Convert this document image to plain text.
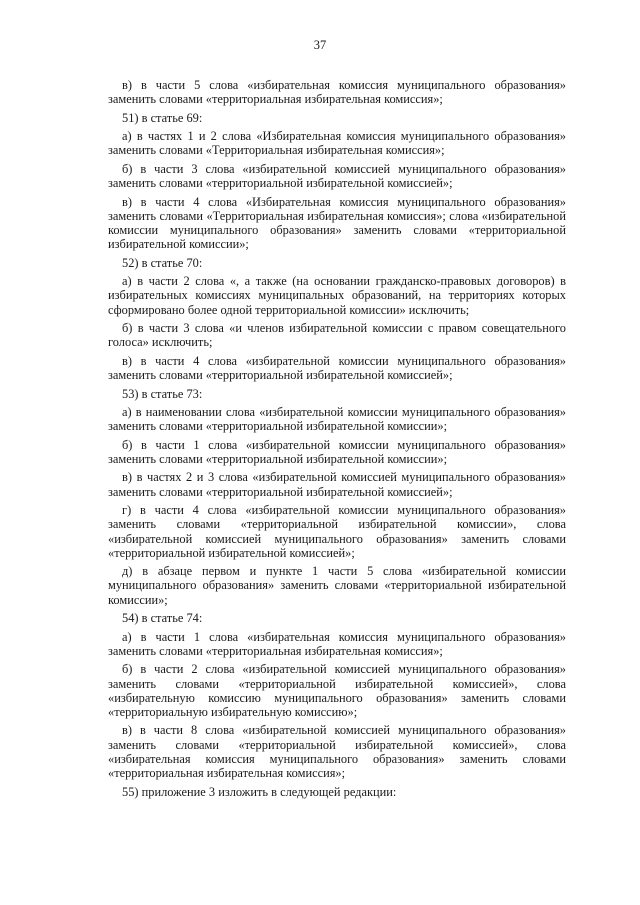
37

в) в части 5 слова «избирательная комиссия муниципального образования» заменить словами «территориальная избирательная комиссия»;

51) в статье 69:

а) в частях 1 и 2 слова «Избирательная комиссия муниципального образования» заменить словами «Территориальная избирательная комиссия»;

б) в части 3 слова «избирательной комиссией муниципального образования» заменить словами «территориальной избирательной комиссией»;

в) в части 4 слова «Избирательная комиссия муниципального образования» заменить словами «Территориальная избирательная комиссия»; слова «избирательной комиссии муниципального образования» заменить словами «территориальной избирательной комиссии»;

52) в статье 70:

а) в части 2 слова «, а также (на основании гражданско-правовых договоров) в избирательных комиссиях муниципальных образований, на территориях которых сформировано более одной территориальной комиссии» исключить;

б) в части 3 слова «и членов избирательной комиссии с правом совещательного голоса» исключить;

в) в части 4 слова «избирательной комиссии муниципального образования» заменить словами «территориальной избирательной комиссией»;

53) в статье 73:

а) в наименовании слова «избирательной комиссии муниципального образования» заменить словами «территориальной избирательной комиссии»;

б) в части 1 слова «избирательной комиссии муниципального образования» заменить словами «территориальной избирательной комиссии»;

в) в частях 2 и 3 слова «избирательной комиссией муниципального образования» заменить словами «территориальной избирательной комиссией»;

г) в части 4 слова «избирательной комиссии муниципального образования» заменить словами «территориальной избирательной комиссии», слова «избирательной комиссией муниципального образования» заменить словами «территориальной избирательной комиссией»;

д) в абзаце первом и пункте 1 части 5 слова «избирательной комиссии муниципального образования» заменить словами «территориальной избирательной комиссии»;

54) в статье 74:

а) в части 1 слова «избирательная комиссия муниципального образования» заменить словами «территориальная избирательная комиссия»;

б) в части 2 слова «избирательной комиссией муниципального образования» заменить словами «территориальной избирательной комиссией», слова «избирательную комиссию муниципального образования» заменить словами «территориальную избирательную комиссию»;

в) в части 8 слова «избирательной комиссией муниципального образования» заменить словами «территориальной избирательной комиссией», слова «избирательная комиссия муниципального образования» заменить словами «территориальная избирательная комиссия»;

55) приложение 3 изложить в следующей редакции:
